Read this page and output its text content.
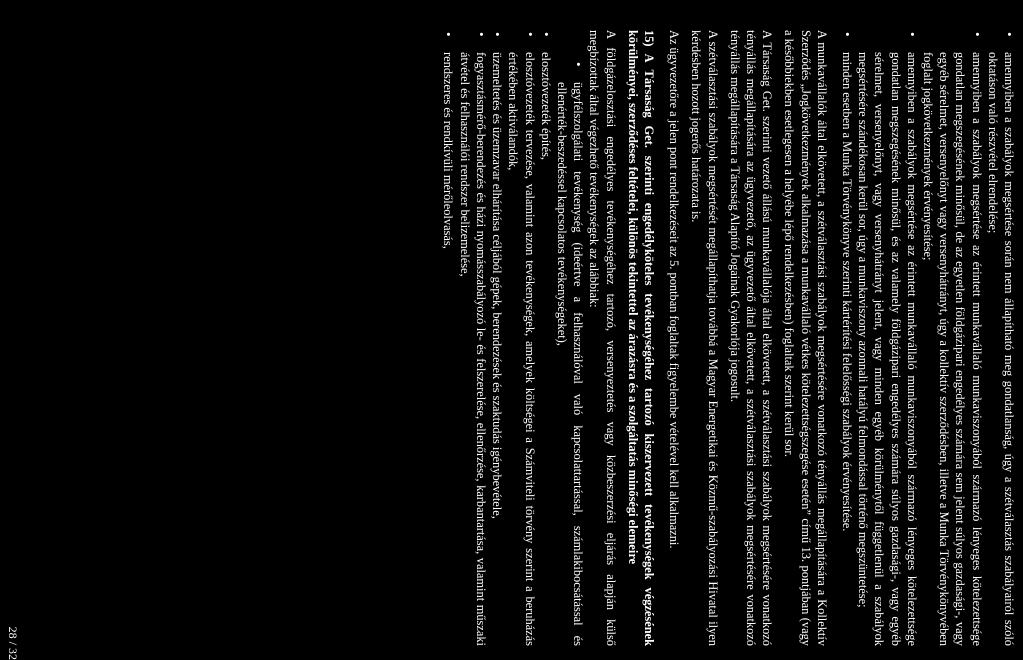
• amennyiben a szabályok megsértése során nem állapítható meg gondatlanság, úgy a szétválasztás szabályairól szóló oktatáson való részvétel elrendelése;

• amennyiben a szabályok megsértése az érintett munkavállaló munkaviszonyából származó lényeges kötelezettsége gondatlan megszegésének minősül, de az egyetlen földgázipari engedélyes számára sem jelent súlyos gazdasági-, vagy egyéb sérelmet, versenyelőnyt vagy versenyhátrányt, úgy a kollektív szerződésben, illetve a Munka Törvénykönyvében foglalt jogkövetkezmények érvényesítése;

• amennyiben a szabályok megsértése az érintett munkavállaló munkaviszonyából származó lényeges kötelezettsége gondatlan megszegésének minősül, és az valamely földgázipari engedélyes számára súlyos gazdasági-, vagy egyéb sérelmet, versenyelőnyt, vagy versenyhátrányt jelent, vagy minden egyéb körülménytől függetlenül a szabályok megsértésére szándékosan kerül sor, úgy a munkaviszony azonnali hatályú felmondással történő megszüntetése;

• minden esetben a Munka Törvénykönyve szerinti kártérítési felelősségi szabályok érvényesítése.

A munkavállalók által elkövetett, a szétválasztási szabályok megsértésére vonatkozó tényállás megállapítására a Kollektív Szerződés „Jogkövetkezmények alkalmazása a munkavállaló vétkes kötelezettségszegése esetén” című 13. pontjában (vagy a későbbiekben esetlegesen a helyébe lépő rendelkezésben) foglaltak szerint kerül sor.

A Társaság Get. szerinti vezető állású munkavállalója által elkövetett, a szétválasztási szabályok megsértésére vonatkozó tényállás megállapítására az ügyvezető, az ügyvezető által elkövetett, a szétválasztási szabályok megsértésére vonatkozó tényállás megállapítására a Társaság Alapító Jogainak Gyakorlója jogosult.

A szétválasztási szabályok megsértését megállapíthatja továbbá a Magyar Energetikai és Közmű-szabályozási Hivatal ilyen kérdésben hozott jogerős határozata is.

Az ügyvezetőre a jelen pont rendelkezéseit az 5. pontban foglaltak figyelembe vételével kell alkalmazni.

15) A Társaság Get. szerinti engedélyköteles tevékenységéhez tartozó kiszervezett tevékenységek végzésének körülményei, szerződéses feltételei, különös tekintettel az árazásra és a szolgáltatás minőségi elemeire

A földgázelosztási engedélyes tevékenységéhez tartozó, versenyeztetés vagy közbeszerzési eljárás alapján külső megbízottak által végezhető tevékenységek az alábbiak:

• ügyfélszolgálati tevékenység (ideértve a felhasználóval való kapcsolattartással, számlakibocsátással és ellenérték-beszedéssel kapcsolatos tevékenységeket),

• elosztóvezeték építés,

• elosztóvezeték tervezése, valamint azon tevékenységek, amelyek költségei a Számviteli törvény szerint a beruházás értékében aktiválandók,

• üzemeltetés és üzemzavar elhárítása céljából gépek, berendezések és szaktudás igénybevétele,

• fogyasztásmérő-berendezés és házi nyomásszabályozó le- és felszerelése, ellenőrzése, karbantartása, valamint műszaki átvétel és felhasználói rendszer belizemelése,

• rendszeres és rendkívüli mérőleolvasás,

28 / 32
